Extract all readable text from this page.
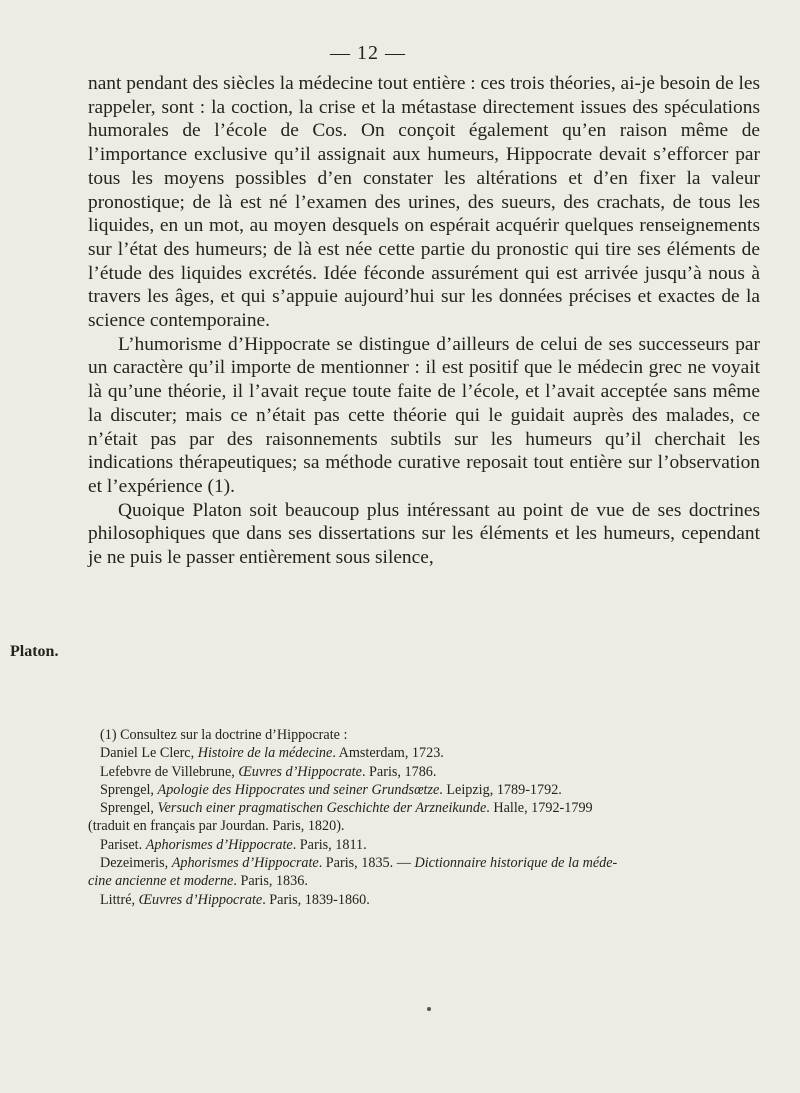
— 12 —
Platon.

nant pendant des siècles la médecine tout entière : ces trois théories, ai-je besoin de les rappeler, sont : la coction, la crise et la métastase directement issues des spéculations humorales de l’école de Cos. On conçoit également qu’en raison même de l’importance exclusive qu’il assignait aux humeurs, Hippocrate devait s’efforcer par tous les moyens possibles d’en constater les altérations et d’en fixer la valeur pronostique; de là est né l’examen des urines, des sueurs, des crachats, de tous les liquides, en un mot, au moyen desquels on espérait acquérir quelques renseignements sur l’état des humeurs; de là est née cette partie du pronostic qui tire ses éléments de l’étude des liquides excrétés. Idée féconde assurément qui est arrivée jusqu’à nous à travers les âges, et qui s’appuie aujourd’hui sur les données précises et exactes de la science contemporaine.

L’humorisme d’Hippocrate se distingue d’ailleurs de celui de ses successeurs par un caractère qu’il importe de mentionner : il est positif que le médecin grec ne voyait là qu’une théorie, il l’avait reçue toute faite de l’école, et l’avait acceptée sans même la discuter; mais ce n’était pas cette théorie qui le guidait auprès des malades, ce n’était pas par des raisonnements subtils sur les humeurs qu’il cherchait les indications thérapeutiques; sa méthode curative reposait tout entière sur l’observation et l’expérience (1).

Quoique Platon soit beaucoup plus intéressant au point de vue de ses doctrines philosophiques que dans ses dissertations sur les éléments et les humeurs, cependant je ne puis le passer entièrement sous silence,

(1) Consultez sur la doctrine d’Hippocrate :
Daniel Le Clerc, Histoire de la médecine. Amsterdam, 1723.
Lefebvre de Villebrune, Œuvres d’Hippocrate. Paris, 1786.
Sprengel, Apologie des Hippocrates und seiner Grundsœtze. Leipzig, 1789-1792.
Sprengel, Versuch einer pragmatischen Geschichte der Arzneikunde. Halle, 1792-1799
(traduit en français par Jourdan. Paris, 1820).
Pariset. Aphorismes d’Hippocrate. Paris, 1811.
Dezeimeris, Aphorismes d’Hippocrate. Paris, 1835. — Dictionnaire historique de la méde-
cine ancienne et moderne. Paris, 1836.
Littré, Œuvres d’Hippocrate. Paris, 1839-1860.
